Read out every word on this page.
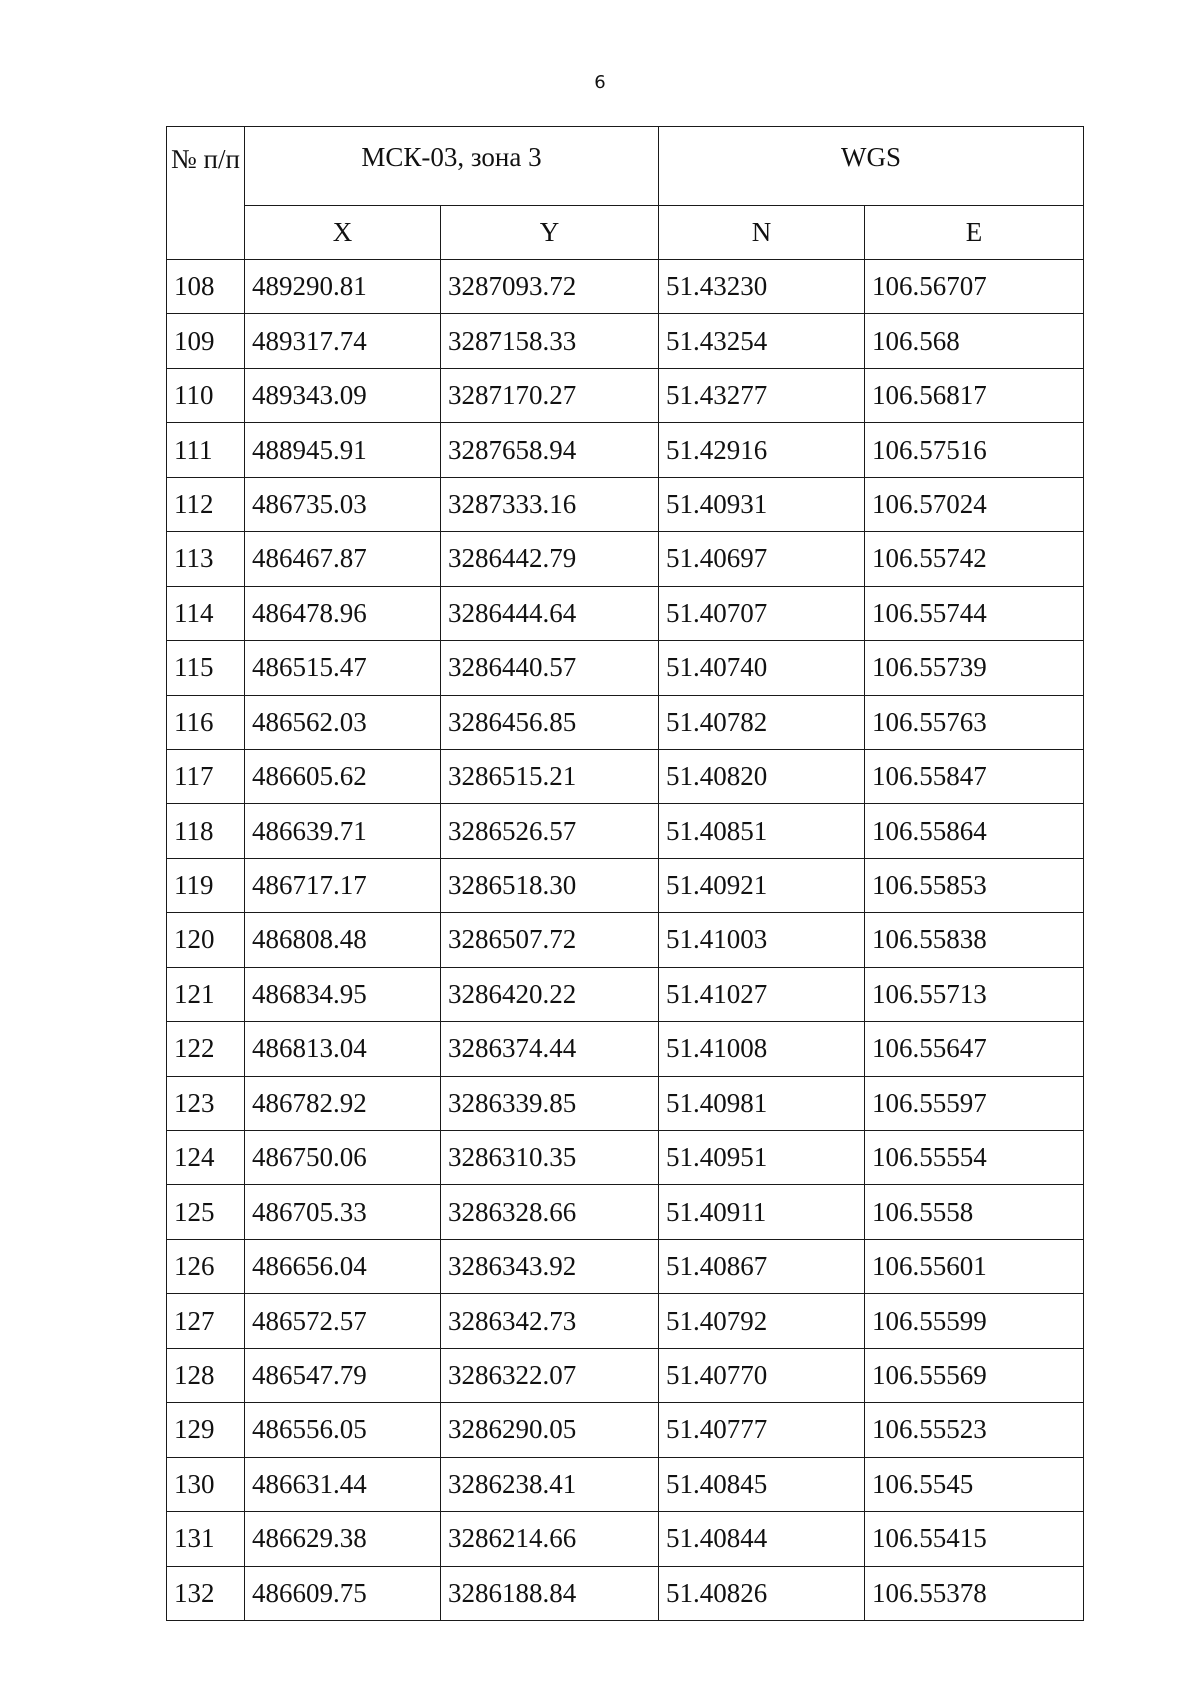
6
№ п/п	МСК-03, зона 3		WGS	
	X	Y	N	E
108	489290.81	3287093.72	51.43230	106.56707
109	489317.74	3287158.33	51.43254	106.568
110	489343.09	3287170.27	51.43277	106.56817
111	488945.91	3287658.94	51.42916	106.57516
112	486735.03	3287333.16	51.40931	106.57024
113	486467.87	3286442.79	51.40697	106.55742
114	486478.96	3286444.64	51.40707	106.55744
115	486515.47	3286440.57	51.40740	106.55739
116	486562.03	3286456.85	51.40782	106.55763
117	486605.62	3286515.21	51.40820	106.55847
118	486639.71	3286526.57	51.40851	106.55864
119	486717.17	3286518.30	51.40921	106.55853
120	486808.48	3286507.72	51.41003	106.55838
121	486834.95	3286420.22	51.41027	106.55713
122	486813.04	3286374.44	51.41008	106.55647
123	486782.92	3286339.85	51.40981	106.55597
124	486750.06	3286310.35	51.40951	106.55554
125	486705.33	3286328.66	51.40911	106.5558
126	486656.04	3286343.92	51.40867	106.55601
127	486572.57	3286342.73	51.40792	106.55599
128	486547.79	3286322.07	51.40770	106.55569
129	486556.05	3286290.05	51.40777	106.55523
130	486631.44	3286238.41	51.40845	106.5545
131	486629.38	3286214.66	51.40844	106.55415
132	486609.75	3286188.84	51.40826	106.55378
